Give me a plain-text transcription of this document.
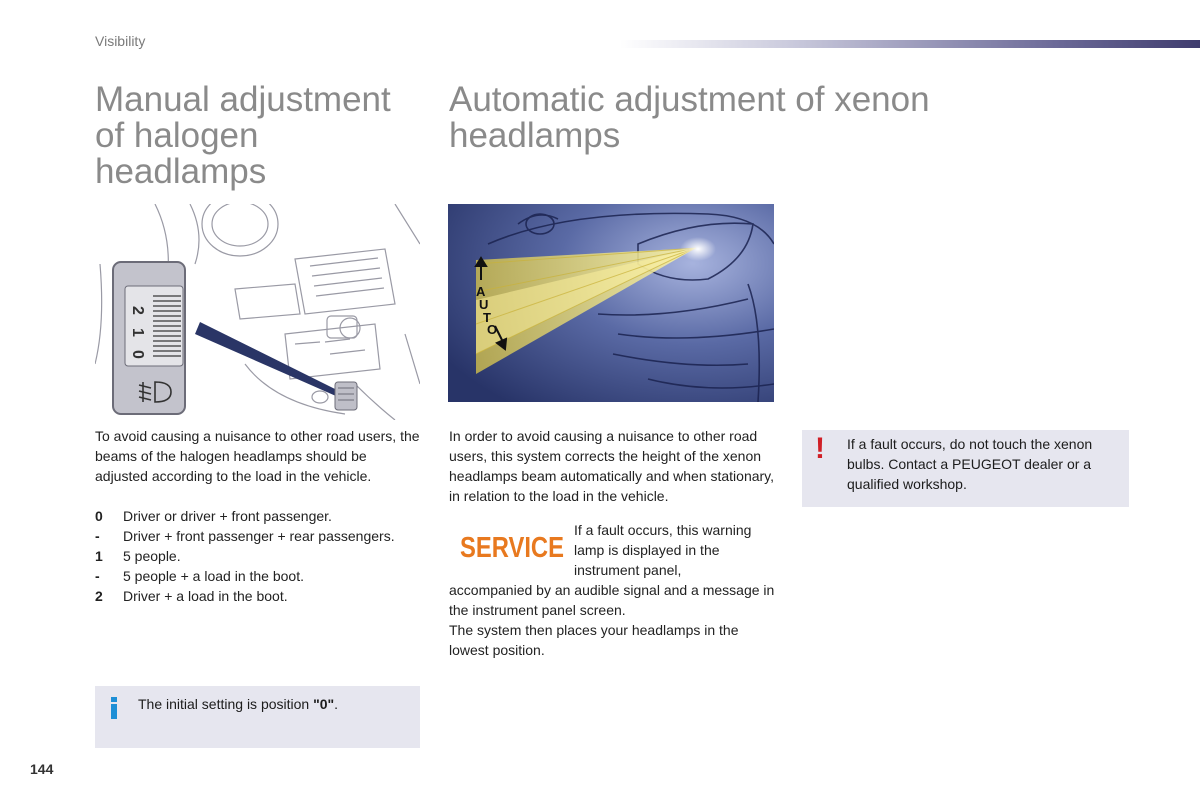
Visibility
Manual adjustment of halogen headlamps
Automatic adjustment of xenon headlamps
2
1
0
A
U
T
O
To avoid causing a nuisance to other road users, the beams of the halogen headlamps should be adjusted according to the load in the vehicle.
0	Driver or driver + front passenger.
-	Driver + front passenger + rear passengers.
1	5 people.
-	5 people + a load in the boot.
2	Driver + a load in the boot.
The initial setting is position "0".
In order to avoid causing a nuisance to other road users, this system corrects the height of the xenon headlamps beam automatically and when stationary, in relation to the load in the vehicle.
SERVICE
If a fault occurs, this warning lamp is displayed in the instrument panel,
accompanied by an audible signal and a message in the instrument panel screen.
The system then places your headlamps in the lowest position.
! If a fault occurs, do not touch the xenon bulbs. Contact a PEUGEOT dealer or a qualified workshop.
144
